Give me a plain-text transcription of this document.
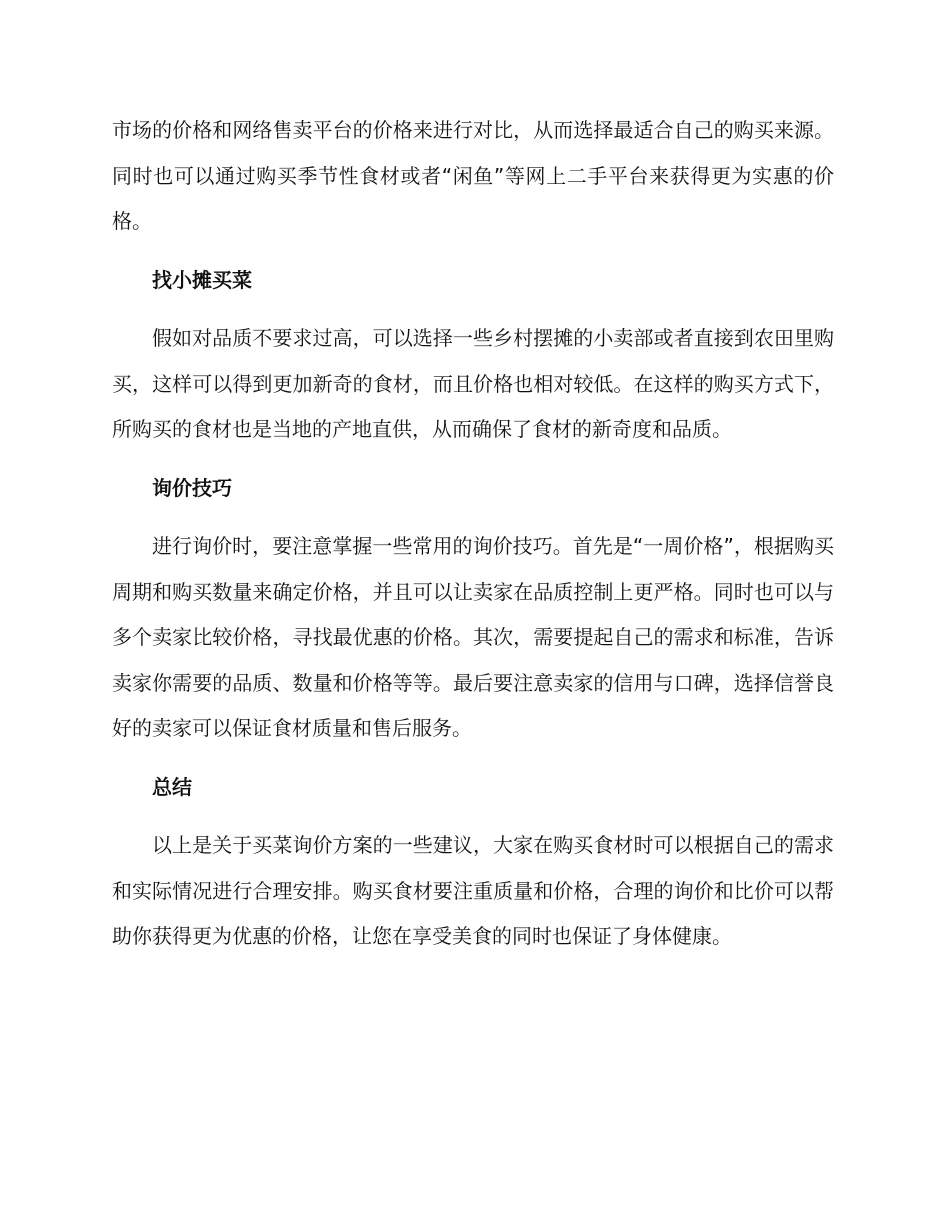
市场的价格和网络售卖平台的价格来进行对比，从而选择最适合自己的购买来源。同时也可以通过购买季节性食材或者“闲鱼”等网上二手平台来获得更为实惠的价格。

找小摊买菜

假如对品质不要求过高，可以选择一些乡村摆摊的小卖部或者直接到农田里购买，这样可以得到更加新奇的食材，而且价格也相对较低。在这样的购买方式下，所购买的食材也是当地的产地直供，从而确保了食材的新奇度和品质。

询价技巧

进行询价时，要注意掌握一些常用的询价技巧。首先是“一周价格”，根据购买周期和购买数量来确定价格，并且可以让卖家在品质控制上更严格。同时也可以与多个卖家比较价格，寻找最优惠的价格。其次，需要提起自己的需求和标准，告诉卖家你需要的品质、数量和价格等等。最后要注意卖家的信用与口碑，选择信誉良好的卖家可以保证食材质量和售后服务。

总结

以上是关于买菜询价方案的一些建议，大家在购买食材时可以根据自己的需求和实际情况进行合理安排。购买食材要注重质量和价格，合理的询价和比价可以帮助你获得更为优惠的价格，让您在享受美食的同时也保证了身体健康。
